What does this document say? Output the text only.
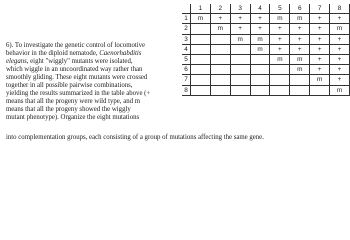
6). To investigate the genetic control of locomotive
behavior in the diploid nematode, Caenorhabditis
elegans, eight "wiggly" mutants were isolated,
which wiggle in an uncoordinated way rather than
smoothly gliding. These eight mutants were crossed
together in all possible pairwise combinations,
yielding the results summarized in the table above (+
means that all the progeny were wild type, and m
means that all the progeny showed the wiggly
mutant phenotype). Organize the eight mutations
into complementation groups, each consisting of a group of mutations affecting the same gene.
	1	2	3	4	5	6	7	8
1	m	+	+	+	m	m	+	+
2		m	+	+	+	+	+	m
3			m	m	+	+	+	+
4				m	+	+	+	+
5					m	m	+	+
6						m	+	+
7							m	+
8								m
